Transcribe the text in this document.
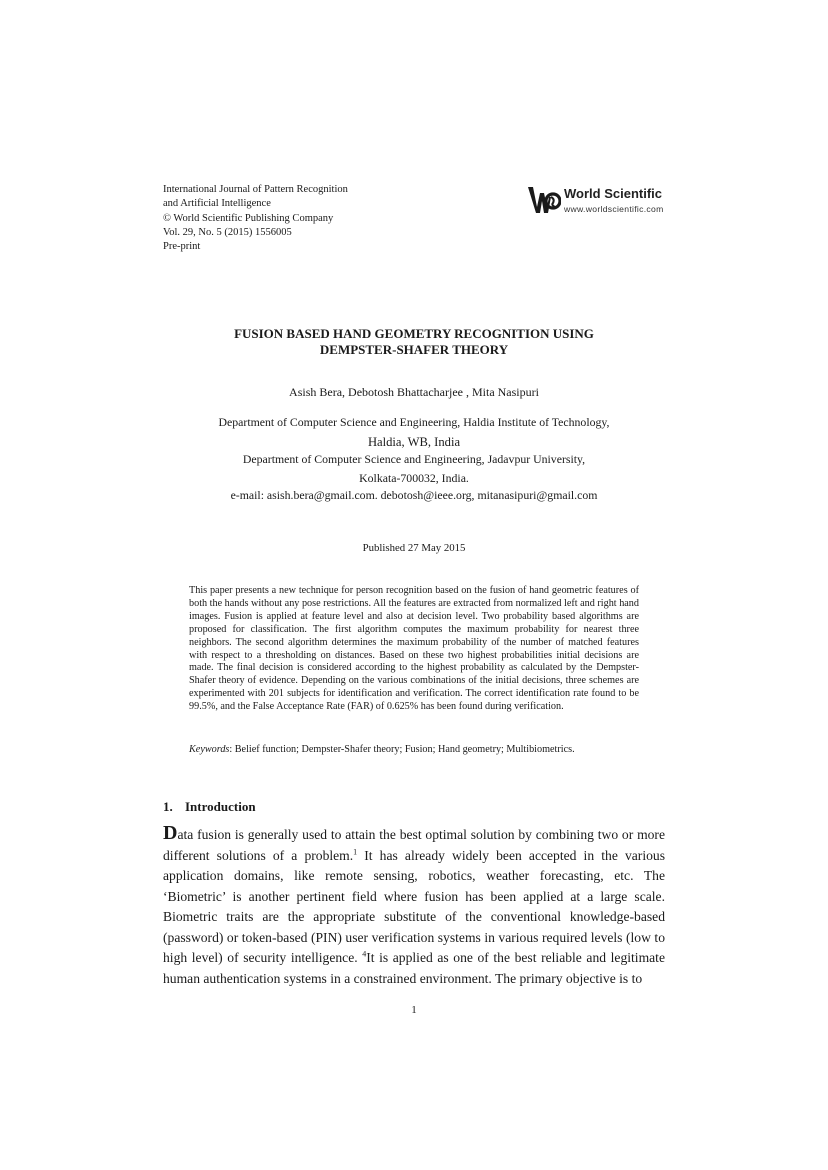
International Journal of Pattern Recognition
and Artificial Intelligence
© World Scientific Publishing Company
Vol. 29, No. 5 (2015) 1556005
Pre-print
World Scientific
www.worldscientific.com
FUSION BASED HAND GEOMETRY RECOGNITION USING
DEMPSTER-SHAFER THEORY
Asish Bera, Debotosh Bhattacharjee , Mita Nasipuri
Department of Computer Science and Engineering, Haldia Institute of Technology,
Haldia, WB, India
Department of Computer Science and Engineering, Jadavpur University,
Kolkata-700032, India.
e-mail: asish.bera@gmail.com. debotosh@ieee.org, mitanasipuri@gmail.com
Published 27 May 2015
This paper presents a new technique for person recognition based on the fusion of hand geometric features of both the hands without any pose restrictions. All the features are extracted from normalized left and right hand images. Fusion is applied at feature level and also at decision level. Two probability based algorithms are proposed for classification. The first algorithm computes the maximum probability for nearest three neighbors. The second algorithm determines the maximum probability of the number of matched features with respect to a thresholding on distances. Based on these two highest probabilities initial decisions are made. The final decision is considered according to the highest probability as calculated by the Dempster-Shafer theory of evidence. Depending on the various combinations of the initial decisions, three schemes are experimented with 201 subjects for identification and verification. The correct identification rate found to be 99.5%, and the False Acceptance Rate (FAR) of 0.625% has been found during verification.
Keywords: Belief function; Dempster-Shafer theory; Fusion; Hand geometry; Multibiometrics.
1. Introduction
Data fusion is generally used to attain the best optimal solution by combining two or more different solutions of a problem.$^1$ It has already widely been accepted in the various application domains, like remote sensing, robotics, weather forecasting, etc. The ‘Biometric’ is another pertinent field where fusion has been applied at a large scale. Biometric traits are the appropriate substitute of the conventional knowledge-based (password) or token-based (PIN) user verification systems in various required levels (low to high level) of security intelligence. $^4$It is applied as one of the best reliable and legitimate human authentication systems in a constrained environment. The primary objective is to
1
